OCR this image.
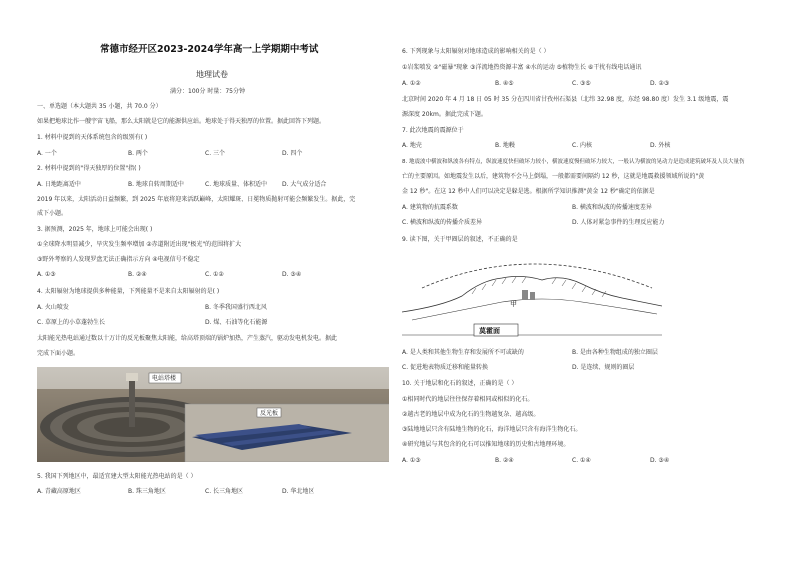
常德市经开区2023-2024学年高一上学期期中考试
地理试卷
满分：100分 时量：75分钟
一、单选题（本大题共 35 小题，共 70.0 分）
如果把地球比作一艘宇宙飞船，那么太阳就是它的能源供应站。地球处于得天独厚的位置。据此回答下列题。
1. 材料中提到的天体系统包含的级别有( )
A. 一个	B. 两个	C. 三个	D. 四个
2. 材料中提到的"得天独厚的位置"指( )
A. 日地距离适中	B. 地球自转周期适中	C. 地球质量、体积适中 D. 大气成分适合
2019 年以来，太阳活动日益频繁，到 2025 年底将迎来活跃巅峰，太阳耀斑、日冕物质抛射可能会频繁发生。据此，完
成下小题。
3. 据预测，2025 年，地球上可能会出现( )
①全球降水明显减少，旱灾发生频率增加 ②赤道附近出现"极光"的范围将扩大
③野外考察的人发现罗盘无法正确指示方向 ④电视信号不稳定
A. ①③	B. ②④	C. ①②	D. ③④
4. 太阳辐射为地球提供多种能量，下列能量不是来自太阳辐射的是( )
A. 火山喷发	B. 冬季我国盛行西北风
C. 草原上的小草蓬勃生长	D. 煤、石油等化石能源
太阳能光热电站通过数以十万计的反光板聚焦太阳能，给高塔顶端的锅炉加热，产生蒸汽，驱动发电机发电。据此
完成下面小题。
电站塔楼
反光板
5. 我国下列地区中，最适宜建大型太阳能光热电站的是（ ）
A. 青藏高原地区	B. 珠三角地区	C. 长三角地区	D. 华北地区
6. 下列现象与太阳辐射对地球造成的影响相关的是（ ）
①岩浆喷发 ②"磁暴"现象 ③洋流地热资源丰富 ④水的运动 ⑤植物生长 ⑥干扰有线电话通讯
A. ①②	B. ④⑤	C. ③⑤	D. ②③
北京时间 2020 年 4 月 18 日 05 时 35 分在四川省甘孜州石渠县（北纬 32.98 度，东经 98.80 度）发生 3.1 级地震，震
源深度 20km。据此完成下题。
7. 此次地震的震源位于
A. 地壳	B. 地幔	C. 内核	D. 外核
8. 地震波中横波和纵波各有特点，纵波速度快但破坏力较小，横波速度慢但破坏力较大，一般认为横波的晃动力是造成建筑破坏及人员大量伤
亡的主要原因。如地震发生以后，建筑物不会马上倒塌，一般都需要间隔约 12 秒，这就是地震救援领域所说的"黄
金 12 秒"。在这 12 秒中人们可以决定是躲是逃。根据所学知识推测"黄金 12 秒"确定的依据是
A. 建筑物的抗震系数	B. 横波和纵波的传播速度差异
C. 横波和纵波的传播介质差异	D. 人体对紧急事件的生理反应能力
9. 读下图，关于甲圈层的叙述，不正确的是
甲
莫霍面
A. 是人类和其他生物生存和发展所不可或缺的	B. 是由各种生物组成的独立圈层
C. 促进地表物质迁移和能量转换	D. 是连续、规则的圈层
10. 关于地层和化石的叙述，正确的是（ ）
①相同时代的地层往往保存着相同或相似的化石。
②越古老的地层中成为化石的生物越复杂、越高级。
③陆地地层只含有陆地生物的化石，海洋地层只含有海洋生物化石。
④研究地层与其包含的化石可以推知地球的历史和古地理环境。
A. ①③	B. ②④	C. ①④	D. ③④
